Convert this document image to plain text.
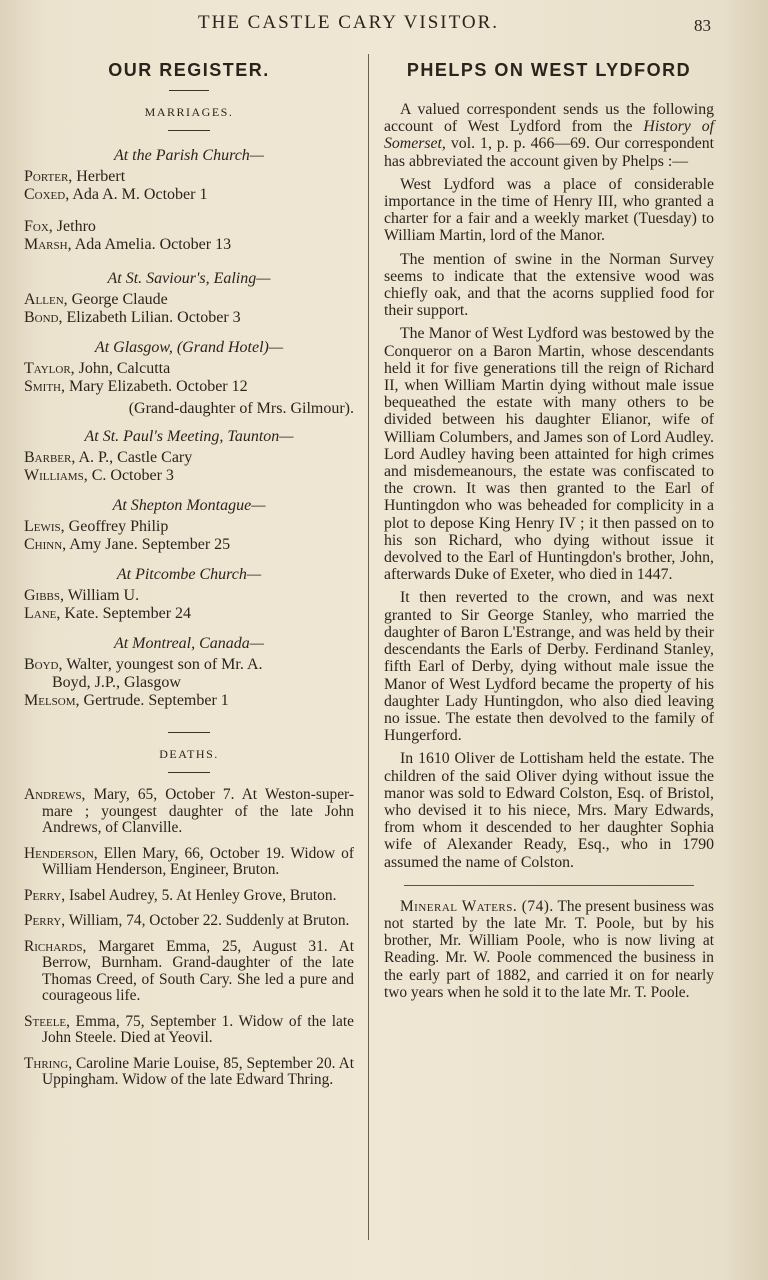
THE CASTLE CARY VISITOR.	83
OUR REGISTER.
MARRIAGES.
At the Parish Church—
Porter, Herbert
Coxed, Ada A. M. October 1
Fox, Jethro
Marsh, Ada Amelia. October 13
At St. Saviour's, Ealing—
Allen, George Claude
Bond, Elizabeth Lilian. October 3
At Glasgow, (Grand Hotel)—
Taylor, John, Calcutta
Smith, Mary Elizabeth. October 12
(Grand-daughter of Mrs. Gilmour).
At St. Paul's Meeting, Taunton—
Barber, A. P., Castle Cary
Williams, C. October 3
At Shepton Montague—
Lewis, Geoffrey Philip
Chinn, Amy Jane. September 25
At Pitcombe Church—
Gibbs, William U.
Lane, Kate. September 24
At Montreal, Canada—
Boyd, Walter, youngest son of Mr. A.
Boyd, J.P., Glasgow
Melsom, Gertrude. September 1
DEATHS.

Andrews, Mary, 65, October 7. At Weston-super-mare ; youngest daughter of the late John Andrews, of Clanville.

Henderson, Ellen Mary, 66, October 19. Widow of William Henderson, Engineer, Bruton.

Perry, Isabel Audrey, 5. At Henley Grove, Bruton.

Perry, William, 74, October 22. Suddenly at Bruton.

Richards, Margaret Emma, 25, August 31. At Berrow, Burnham. Grand-daughter of the late Thomas Creed, of South Cary. She led a pure and courageous life.

Steele, Emma, 75, September 1. Widow of the late John Steele. Died at Yeovil.

Thring, Caroline Marie Louise, 85, September 20. At Uppingham. Widow of the late Edward Thring.

PHELPS ON WEST LYDFORD

A valued correspondent sends us the following account of West Lydford from the History of Somerset, vol. 1, p. p. 466—69. Our correspondent has abbreviated the account given by Phelps :—

West Lydford was a place of considerable importance in the time of Henry III, who granted a charter for a fair and a weekly market (Tuesday) to William Martin, lord of the Manor.

The mention of swine in the Norman Survey seems to indicate that the extensive wood was chiefly oak, and that the acorns supplied food for their support.

The Manor of West Lydford was bestowed by the Conqueror on a Baron Martin, whose descendants held it for five generations till the reign of Richard II, when William Martin dying without male issue bequeathed the estate with many others to be divided between his daughter Elianor, wife of William Columbers, and James son of Lord Audley. Lord Audley having been attainted for high crimes and misdemeanours, the estate was confiscated to the crown. It was then granted to the Earl of Huntingdon who was beheaded for complicity in a plot to depose King Henry IV ; it then passed on to his son Richard, who dying without issue it devolved to the Earl of Huntingdon's brother, John, afterwards Duke of Exeter, who died in 1447.

It then reverted to the crown, and was next granted to Sir George Stanley, who married the daughter of Baron L'Estrange, and was held by their descendants the Earls of Derby. Ferdinand Stanley, fifth Earl of Derby, dying without male issue the Manor of West Lydford became the property of his daughter Lady Huntingdon, who also died leaving no issue. The estate then devolved to the family of Hungerford.

In 1610 Oliver de Lottisham held the estate. The children of the said Oliver dying without issue the manor was sold to Edward Colston, Esq. of Bristol, who devised it to his niece, Mrs. Mary Edwards, from whom it descended to her daughter Sophia wife of Alexander Ready, Esq., who in 1790 assumed the name of Colston.

Mineral Waters. (74). The present business was not started by the late Mr. T. Poole, but by his brother, Mr. William Poole, who is now living at Reading. Mr. W. Poole commenced the business in the early part of 1882, and carried it on for nearly two years when he sold it to the late Mr. T. Poole.
